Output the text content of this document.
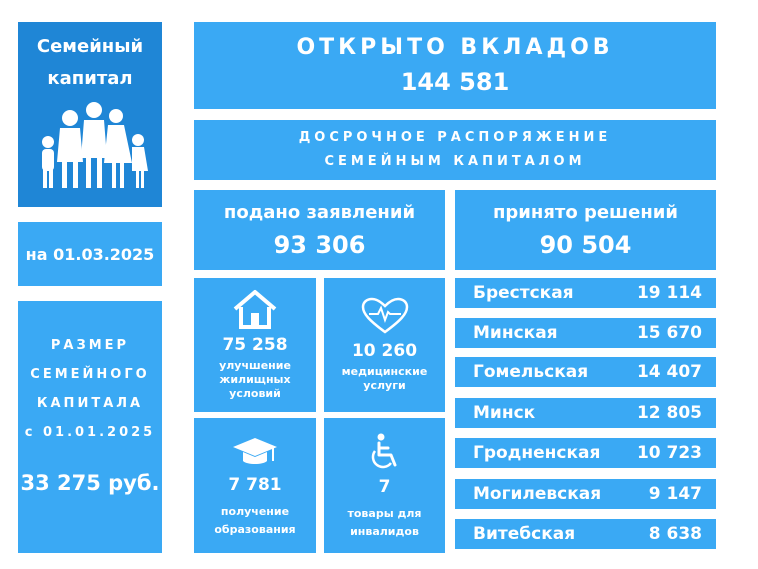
Семейный
капитал
на 01.03.2025
РАЗМЕР
СЕМЕЙНОГО
КАПИТАЛА
с 01.01.2025
33 275 руб.
ОТКРЫТО ВКЛАДОВ
144 581
ДОСРОЧНОЕ РАСПОРЯЖЕНИЕ
СЕМЕЙНЫМ КАПИТАЛОМ
подано заявлений
93 306
принято решений
90 504
75 258
улучшение
жилищных
условий
10 260
медицинские
услуги
7 781
получение
образования
7
товары для
инвалидов
Брестская	19 114
Минская	15 670
Гомельская	14 407
Минск	12 805
Гродненская 10 723
Могилевская	9 147
Витебская	8 638
